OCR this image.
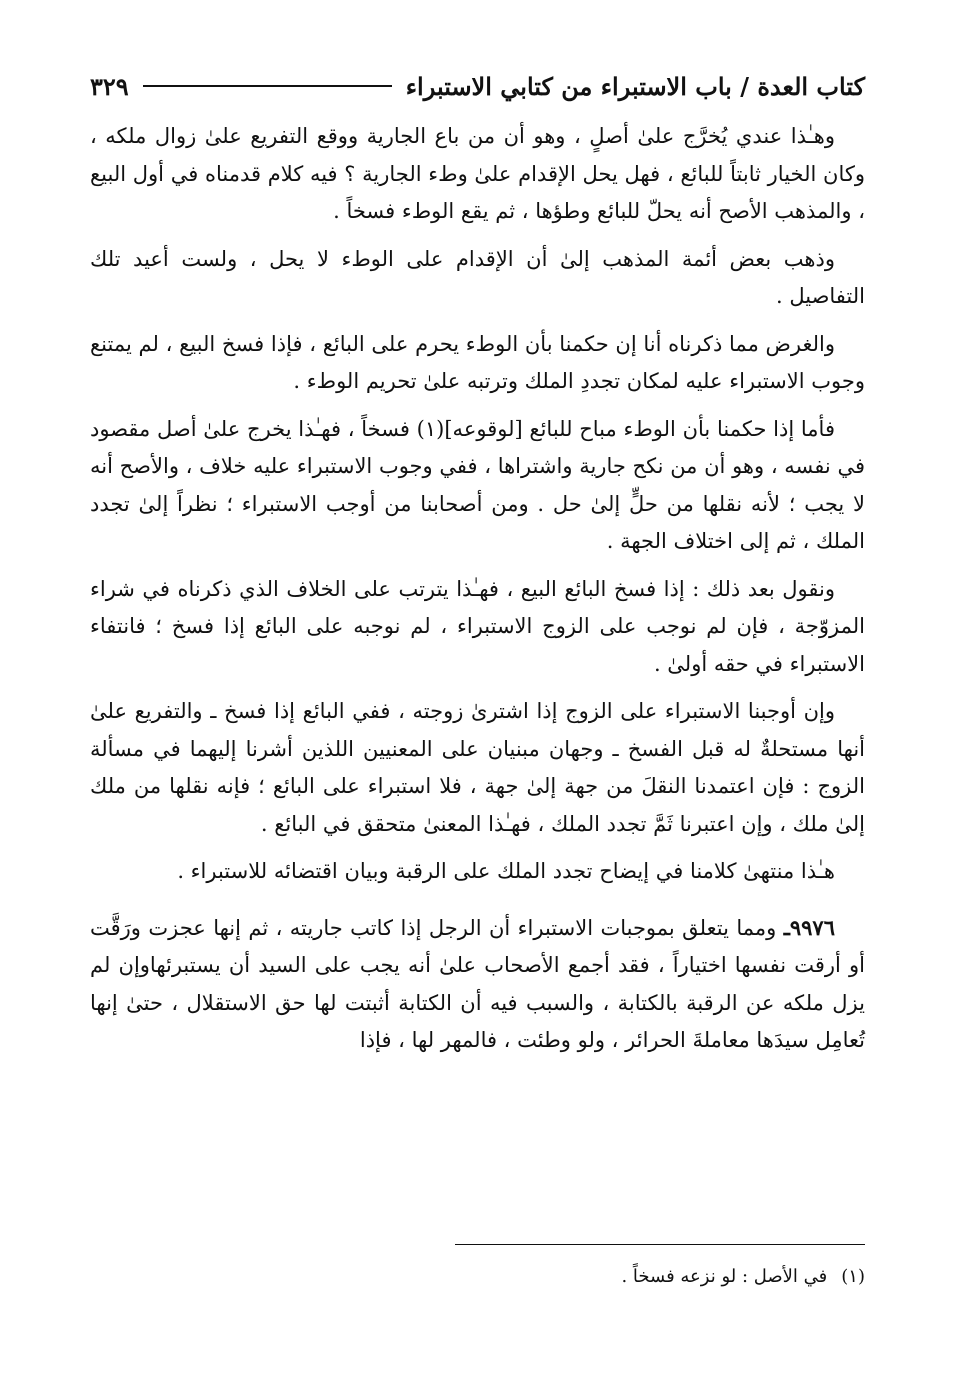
كتاب العدة / باب الاستبراء من كتابي الاستبراء
٣٢٩

وهـٰذا عندي يُخرَّج علىٰ أصلٍ ، وهو أن من باع الجارية ووقع التفريع علىٰ زوال ملكه ، وكان الخيار ثابتاً للبائع ، فهل يحل الإقدام علىٰ وطء الجارية ؟ فيه كلام قدمناه في أول البيع ، والمذهب الأصح أنه يحلّ للبائع وطؤها ، ثم يقع الوطء فسخاً .

وذهب بعض أئمة المذهب إلىٰ أن الإقدام على الوطء لا يحل ، ولست أعيد تلك التفاصيل .

والغرض مما ذكرناه أنا إن حكمنا بأن الوطء يحرم على البائع ، فإذا فسخ البيع ، لم يمتنع وجوب الاستبراء عليه لمكان تجددِ الملك وترتبه علىٰ تحريم الوطء .

فأما إذا حكمنا بأن الوطء مباح للبائع [لوقوعه](١) فسخاً ، فهـٰذا يخرج علىٰ أصل مقصود في نفسه ، وهو أن من نكح جارية واشتراها ، ففي وجوب الاستبراء عليه خلاف ، والأصح أنه لا يجب ؛ لأنه نقلها من حلٍّ إلىٰ حل . ومن أصحابنا من أوجب الاستبراء ؛ نظراً إلىٰ تجدد الملك ، ثم إلى اختلاف الجهة .

ونقول بعد ذلك : إذا فسخ البائع البيع ، فهـٰذا يترتب على الخلاف الذي ذكرناه في شراء المزوّجة ، فإن لم نوجب على الزوج الاستبراء ، لم نوجبه على البائع إذا فسخ ؛ فانتفاء الاستبراء في حقه أولىٰ .

وإن أوجبنا الاستبراء على الزوج إذا اشترىٰ زوجته ، ففي البائع إذا فسخ ـ والتفريع علىٰ أنها مستحلةٌ له قبل الفسخ ـ وجهان مبنيان على المعنيين اللذين أشرنا إليهما في مسألة الزوج : فإن اعتمدنا النقلَ من جهة إلىٰ جهة ، فلا استبراء على البائع ؛ فإنه نقلها من ملك إلىٰ ملك ، وإن اعتبرنا ثَمَّ تجدد الملك ، فهـٰذا المعنىٰ متحقق في البائع .

هـٰذا منتهىٰ كلامنا في إيضاح تجدد الملك على الرقبة وبيان اقتضائه للاستبراء .

٩٩٧٦ـ ومما يتعلق بموجبات الاستبراء أن الرجل إذا كاتب جاريته ، ثم إنها عجزت ورَقَّت أو أرقت نفسها اختياراً ، فقد أجمع الأصحاب علىٰ أنه يجب على السيد أن يستبرئهاوإن لم يزل ملكه عن الرقبة بالكتابة ، والسبب فيه أن الكتابة أثبتت لها حق الاستقلال ، حتىٰ إنها تُعامِل سيدَها معاملةَ الحرائر ، ولو وطئت ، فالمهر لها ، فإذا

(١)في الأصل : لو نزعه فسخاً .
